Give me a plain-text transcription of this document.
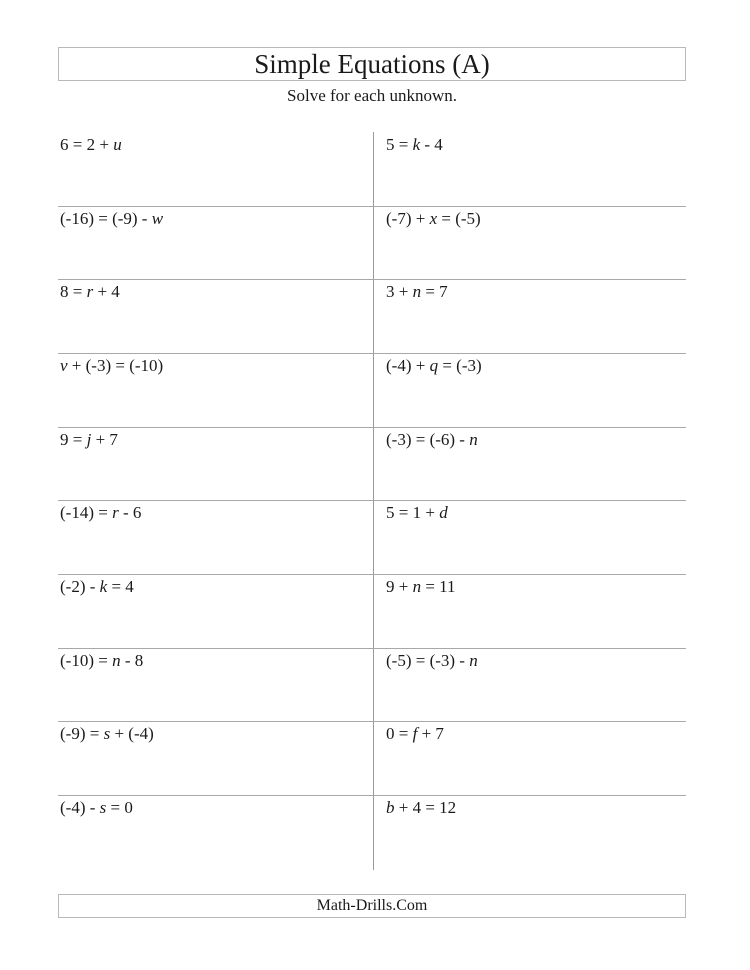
Simple Equations (A)
Solve for each unknown.
6 = 2 + u
(-16) = (-9) - w
8 = r + 4
v + (-3) = (-10)
9 = j + 7
(-14) = r - 6
(-2) - k = 4
(-10) = n - 8
(-9) = s + (-4)
(-4) - s = 0
5 = k - 4
(-7) + x = (-5)
3 + n = 7
(-4) + q = (-3)
(-3) = (-6) - n
5 = 1 + d
9 + n = 11
(-5) = (-3) - n
0 = f + 7
b + 4 = 12
Math-Drills.Com
